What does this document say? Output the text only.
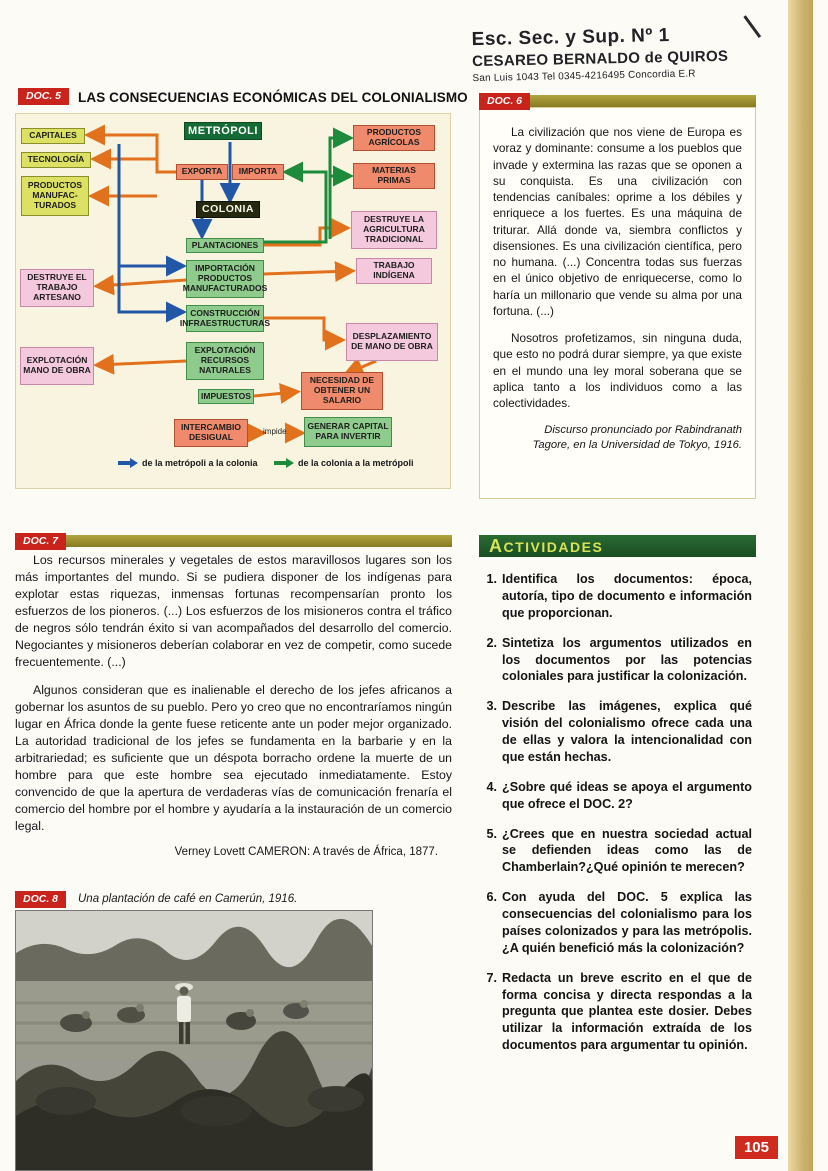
105
Esc. Sec. y Sup. Nº 1
CESAREO BERNALDO de QUIROS
San Luis 1043 Tel 0345-4216495 Concordia E.R
DOC. 5	LAS CONSECUENCIAS ECONÓMICAS DEL COLONIALISMO
METRÓPOLI
CAPITALES
TECNOLOGÍA
PRODUCTOS MANUFAC- TURADOS
EXPORTA	IMPORTA
COLONIA
PLANTACIONES
IMPORTACIÓN PRODUCTOS MANUFACTURADOS
CONSTRUCCIÓN INFRAESTRUCTURAS
EXPLOTACIÓN RECURSOS NATURALES
IMPUESTOS
INTERCAMBIO DESIGUAL
impide
GENERAR CAPITAL PARA INVERTIR
PRODUCTOS AGRÍCOLAS
MATERIAS PRIMAS
DESTRUYE LA AGRICULTURA TRADICIONAL
TRABAJO INDÍGENA
DESPLAZAMIENTO DE MANO DE OBRA
NECESIDAD DE OBTENER UN SALARIO
DESTRUYE EL TRABAJO ARTESANO
EXPLOTACIÓN MANO DE OBRA
de la metrópoli a la colonia	de la colonia a la metrópoli
DOC. 6

La civilización que nos viene de Europa es voraz y dominante: consume a los pueblos que invade y extermina las razas que se oponen a su conquista. Es una civilización con tendencias caníbales: oprime a los débiles y enriquece a los fuertes. Es una máquina de triturar. Allá donde va, siembra conflictos y disensiones. Es una civilización científica, pero no humana. (...) Concentra todas sus fuerzas en el único objetivo de enriquecerse, como lo haría un millonario que vende su alma por una fortuna. (...)

Nosotros profetizamos, sin ninguna duda, que esto no podrá durar siempre, ya que existe en el mundo una ley moral soberana que se aplica tanto a los individuos como a las colectividades.

Discurso pronunciado por Rabindranath Tagore, en la Universidad de Tokyo, 1916.
DOC. 7

Los recursos minerales y vegetales de estos maravillosos lugares son los más importantes del mundo. Si se pudiera disponer de los indígenas para explotar estas riquezas, inmensas fortunas recompensarían pronto los esfuerzos de los pioneros. (...) Los esfuerzos de los misioneros contra el tráfico de negros sólo tendrán éxito si van acompañados del desarrollo del comercio. Negociantes y misioneros deberían colaborar en vez de competir, como sucede frecuentemente. (...)

Algunos consideran que es inalienable el derecho de los jefes africanos a gobernar los asuntos de su pueblo. Pero yo creo que no encontraríamos ningún lugar en África donde la gente fuese reticente ante un poder mejor organizado. La autoridad tradicional de los jefes se fundamenta en la barbarie y en la arbitrariedad; es suficiente que un déspota borracho ordene la muerte de un hombre para que este hombre sea ejecutado inmediatamente. Estoy convencido de que la apertura de verdaderas vías de comunicación frenaría el comercio del hombre por el hombre y ayudaría a la instauración de un comercio legal.

Verney Lovett CAMERON: A través de África, 1877.
DOC. 8	Una plantación de café en Camerún, 1916.
ACTIVIDADES
1. Identifica los documentos: época, autoría, tipo de documento e información que proporcionan.
2. Sintetiza los argumentos utilizados en los documentos por las potencias coloniales para justificar la colonización.
3. Describe las imágenes, explica qué visión del colonialismo ofrece cada una de ellas y valora la intencionalidad con que están hechas.
4. ¿Sobre qué ideas se apoya el argumento que ofrece el DOC. 2?
5. ¿Crees que en nuestra sociedad actual se defienden ideas como las de Chamberlain?¿Qué opinión te merecen?
6. Con ayuda del DOC. 5 explica las consecuencias del colonialismo para los países colonizados y para las metrópolis. ¿A quién benefició más la colonización?
7. Redacta un breve escrito en el que de forma concisa y directa respondas a la pregunta que plantea este dosier. Debes utilizar la información extraída de los documentos para argumentar tu opinión.
